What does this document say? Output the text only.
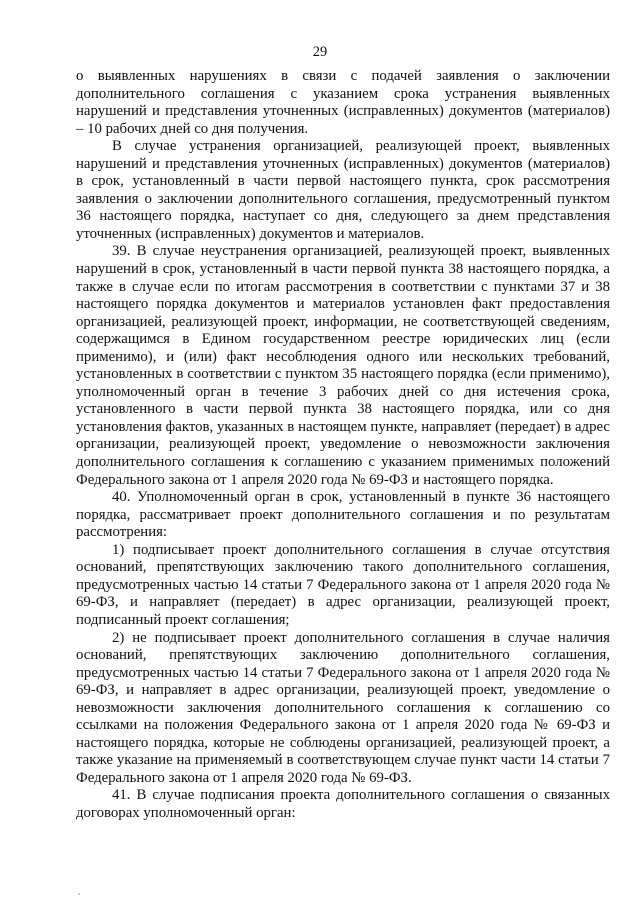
29

о выявленных нарушениях в связи с подачей заявления о заключении дополнительного соглашения с указанием срока устранения выявленных нарушений и представления уточненных (исправленных) документов (материалов) – 10 рабочих дней со дня получения.

В случае устранения организацией, реализующей проект, выявленных нарушений и представления уточненных (исправленных) документов (материалов) в срок, установленный в части первой настоящего пункта, срок рассмотрения заявления о заключении дополнительного соглашения, предусмотренный пунктом 36 настоящего порядка, наступает со дня, следующего за днем представления уточненных (исправленных) документов и материалов.

39. В случае неустранения организацией, реализующей проект, выявленных нарушений в срок, установленный в части первой пункта 38 настоящего порядка, а также в случае если по итогам рассмотрения в соответствии с пунктами 37 и 38 настоящего порядка документов и материалов установлен факт предоставления организацией, реализующей проект, информации, не соответствующей сведениям, содержащимся в Едином государственном реестре юридических лиц (если применимо), и (или) факт несоблюдения одного или нескольких требований, установленных в соответствии с пунктом 35 настоящего порядка (если применимо), уполномоченный орган в течение 3 рабочих дней со дня истечения срока, установленного в части первой пункта 38 настоящего порядка, или со дня установления фактов, указанных в настоящем пункте, направляет (передает) в адрес организации, реализующей проект, уведомление о невозможности заключения дополнительного соглашения к соглашению с указанием применимых положений Федерального закона от 1 апреля 2020 года № 69-ФЗ и настоящего порядка.

40. Уполномоченный орган в срок, установленный в пункте 36 настоящего порядка, рассматривает проект дополнительного соглашения и по результатам рассмотрения:

1) подписывает проект дополнительного соглашения в случае отсутствия оснований, препятствующих заключению такого дополнительного соглашения, предусмотренных частью 14 статьи 7 Федерального закона от 1 апреля 2020 года № 69-ФЗ, и направляет (передает) в адрес организации, реализующей проект, подписанный проект соглашения;

2) не подписывает проект дополнительного соглашения в случае наличия оснований, препятствующих заключению дополнительного соглашения, предусмотренных частью 14 статьи 7 Федерального закона от 1 апреля 2020 года № 69-ФЗ, и направляет в адрес организации, реализующей проект, уведомление о невозможности заключения дополнительного соглашения к соглашению со ссылками на положения Федерального закона от 1 апреля 2020 года № 69-ФЗ и настоящего порядка, которые не соблюдены организацией, реализующей проект, а также указание на применяемый в соответствующем случае пункт части 14 статьи 7 Федерального закона от 1 апреля 2020 года № 69-ФЗ.

41. В случае подписания проекта дополнительного соглашения о связанных договорах уполномоченный орган:
